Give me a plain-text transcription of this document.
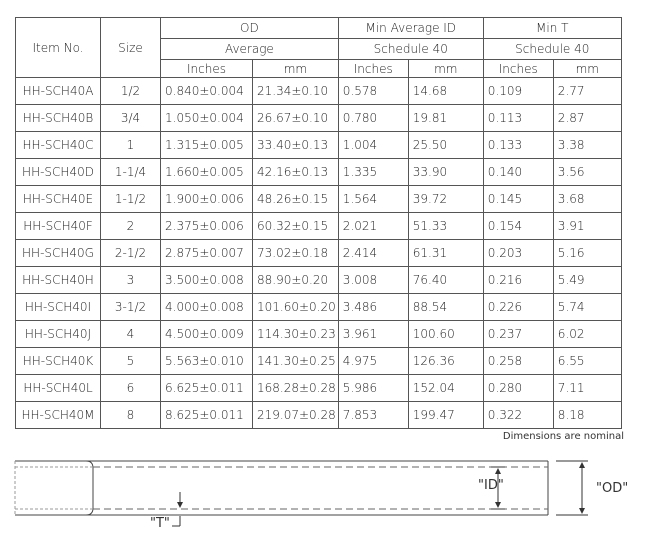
Item No.	Size	OD		Min Average ID		Min T	
		Average		Schedule 40		Schedule 40	
		Inches	mm	Inches	mm	Inches	mm
HH-SCH40A	1/2	0.840±0.004	21.34±0.10	0.578	14.68	0.109	2.77
HH-SCH40B	3/4	1.050±0.004	26.67±0.10	0.780	19.81	0.113	2.87
HH-SCH40C	1	1.315±0.005	33.40±0.13	1.004	25.50	0.133	3.38
HH-SCH40D	1-1/4	1.660±0.005	42.16±0.13	1.335	33.90	0.140	3.56
HH-SCH40E	1-1/2	1.900±0.006	48.26±0.15	1.564	39.72	0.145	3.68
HH-SCH40F	2	2.375±0.006	60.32±0.15	2.021	51.33	0.154	3.91
HH-SCH40G	2-1/2	2.875±0.007	73.02±0.18	2.414	61.31	0.203	5.16
HH-SCH40H	3	3.500±0.008	88.90±0.20	3.008	76.40	0.216	5.49
HH-SCH40I	3-1/2	4.000±0.008	101.60±0.20	3.486	88.54	0.226	5.74
HH-SCH40J	4	4.500±0.009	114.30±0.23	3.961	100.60	0.237	6.02
HH-SCH40K	5	5.563±0.010	141.30±0.25	4.975	126.36	0.258	6.55
HH-SCH40L	6	6.625±0.011	168.28±0.28	5.986	152.04	0.280	7.11
HH-SCH40M	8	8.625±0.011	219.07±0.28	7.853	199.47	0.322	8.18
Dimensions are nominal
"ID"	"OD"
"T"
